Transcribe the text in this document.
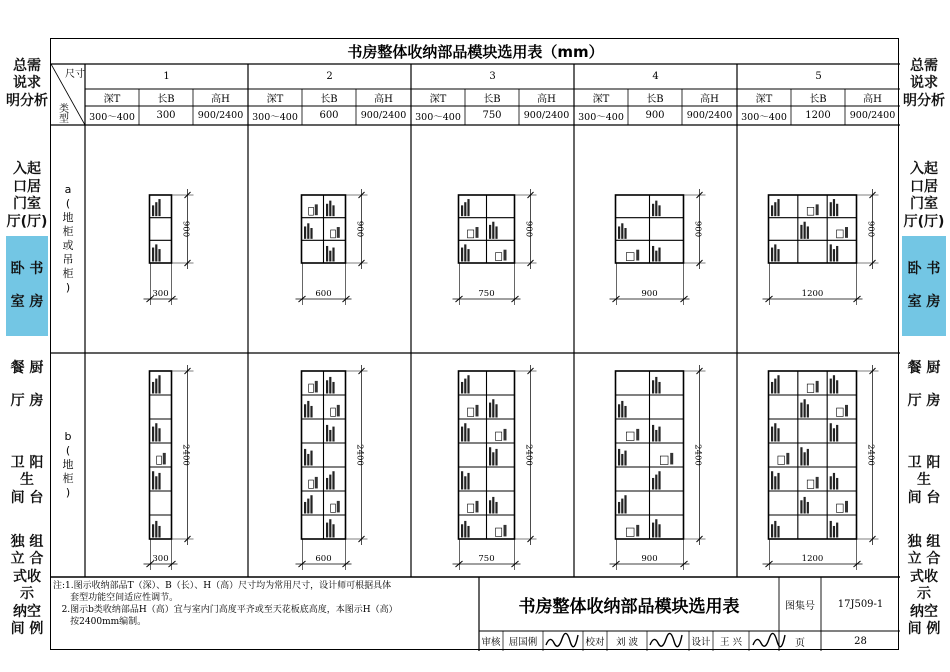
总需
说求
明分析
入起
口居
门室
厅(厅)
卧 书

室 房
餐 厨

厅 房
卫 阳
生
间 台
独 组
立 合
式收 示
纳空
间 例
总需
说求
明分析
入起
口居
门室
厅(厅)
卧 书

室 房
餐 厨

厅 房
卫 阳
生
间 台
独 组
立 合
式收 示
纳空
间 例
书房整体收纳部品模块选用表（mm）
尺寸
类型
1
深T	长B	高H
300～400	300	900/2400
2
深T	长B	高H
300～400	600	900/2400
3
深T	长B	高H
300～400	750	900/2400
4
深T	长B	高H
300～400	900	900/2400
5
深T	长B	高H
300～400	1200	900/2400
a
(
地
柜
或
吊
柜
)
b
(
地
柜
)
300
900
600
900
750
900
900
900
1200
900
300
2400
600
2400
750
2400
900
2400
1200
2400
注:1.图示收纳部品T（深）、B（长）、H（高）尺寸均为常用尺寸，设计师可根据具体
套型功能空间适应性调节。
2.图示b类收纳部品H（高）宜与室内门高度平齐或至天花板底高度，本图示H（高）
按2400mm编制。
书房整体收纳部品模块选用表	图集号	17J509-1
页	28
审核 屈国俐	校对	刘 波	设计 王 兴
